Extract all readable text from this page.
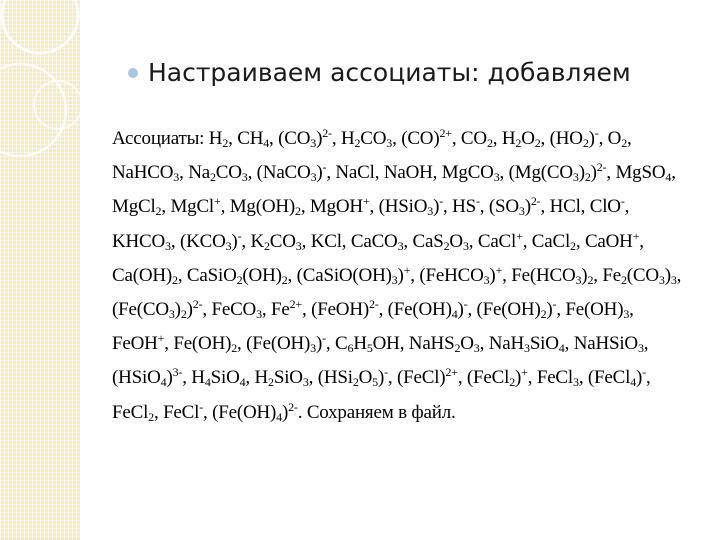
Настраиваем ассоциаты: добавляем
Ассоциаты: $H_2$, $CH_4$, $(CO_3)^{2-}$, $H_2CO_3$, (CO)$^{2+}$, $CO_2$, $H_2O_2$, $(HO_2)^-$, $O_2$,
NaHCO$_3$, $Na_2CO_3$, (NaCO$_3$)-, NaCl, NaOH, MgCO$_3$, $(Mg(CO_3)_2)^{2-}$, MgSO$_4$,
MgCl$_2$, MgCl+, $Mg(OH)_2$, MgOH+, (HSiO$_3$)-, HS-, $(SO_3)^{2-}$, HCl, ClO-,
$KHCO_3$, $(KCO_3)^-$, $K_2CO_3$, KCl, CaCO$_3$, $CaS_2O_3$, CaCl+, CaCl$_2$, CaOH+,
$Ca(OH)_2$, $CaSiO_2(OH)_2$, $(CaSiO(OH)_3)^+$, (FeHCO$_3$)+, $Fe(HCO_3)_2$, $Fe_2(CO_3)_3$,
$(Fe(CO_3)_2)^{2-}$, FeCO$_3$, $Fe^{2+}$, (FeOH)$^{2-}$, $(Fe(OH)_4)^-$, $(Fe(OH)_2)^-$, $Fe(OH)_3$,
FeOH+, $Fe(OH)_2$, $(Fe(OH)_3)^-$, $C_6H_5OH$, $NaHS_2O_3$, NaH$_3$SiO$_4$, NaHSiO$_3$,
(HSiO$_4$)$^{3-}$, $H_4SiO_4$, $H_2SiO_3$, $(HSi_2O_5)^-$, (FeCl)$^{2+}$, (FeCl$_2$)+, FeCl$_3$, (FeCl$_4$)-,
FeCl$_2$, FeCl-, $(Fe(OH)_4)^{2-}$. Сохраняем в файл.
